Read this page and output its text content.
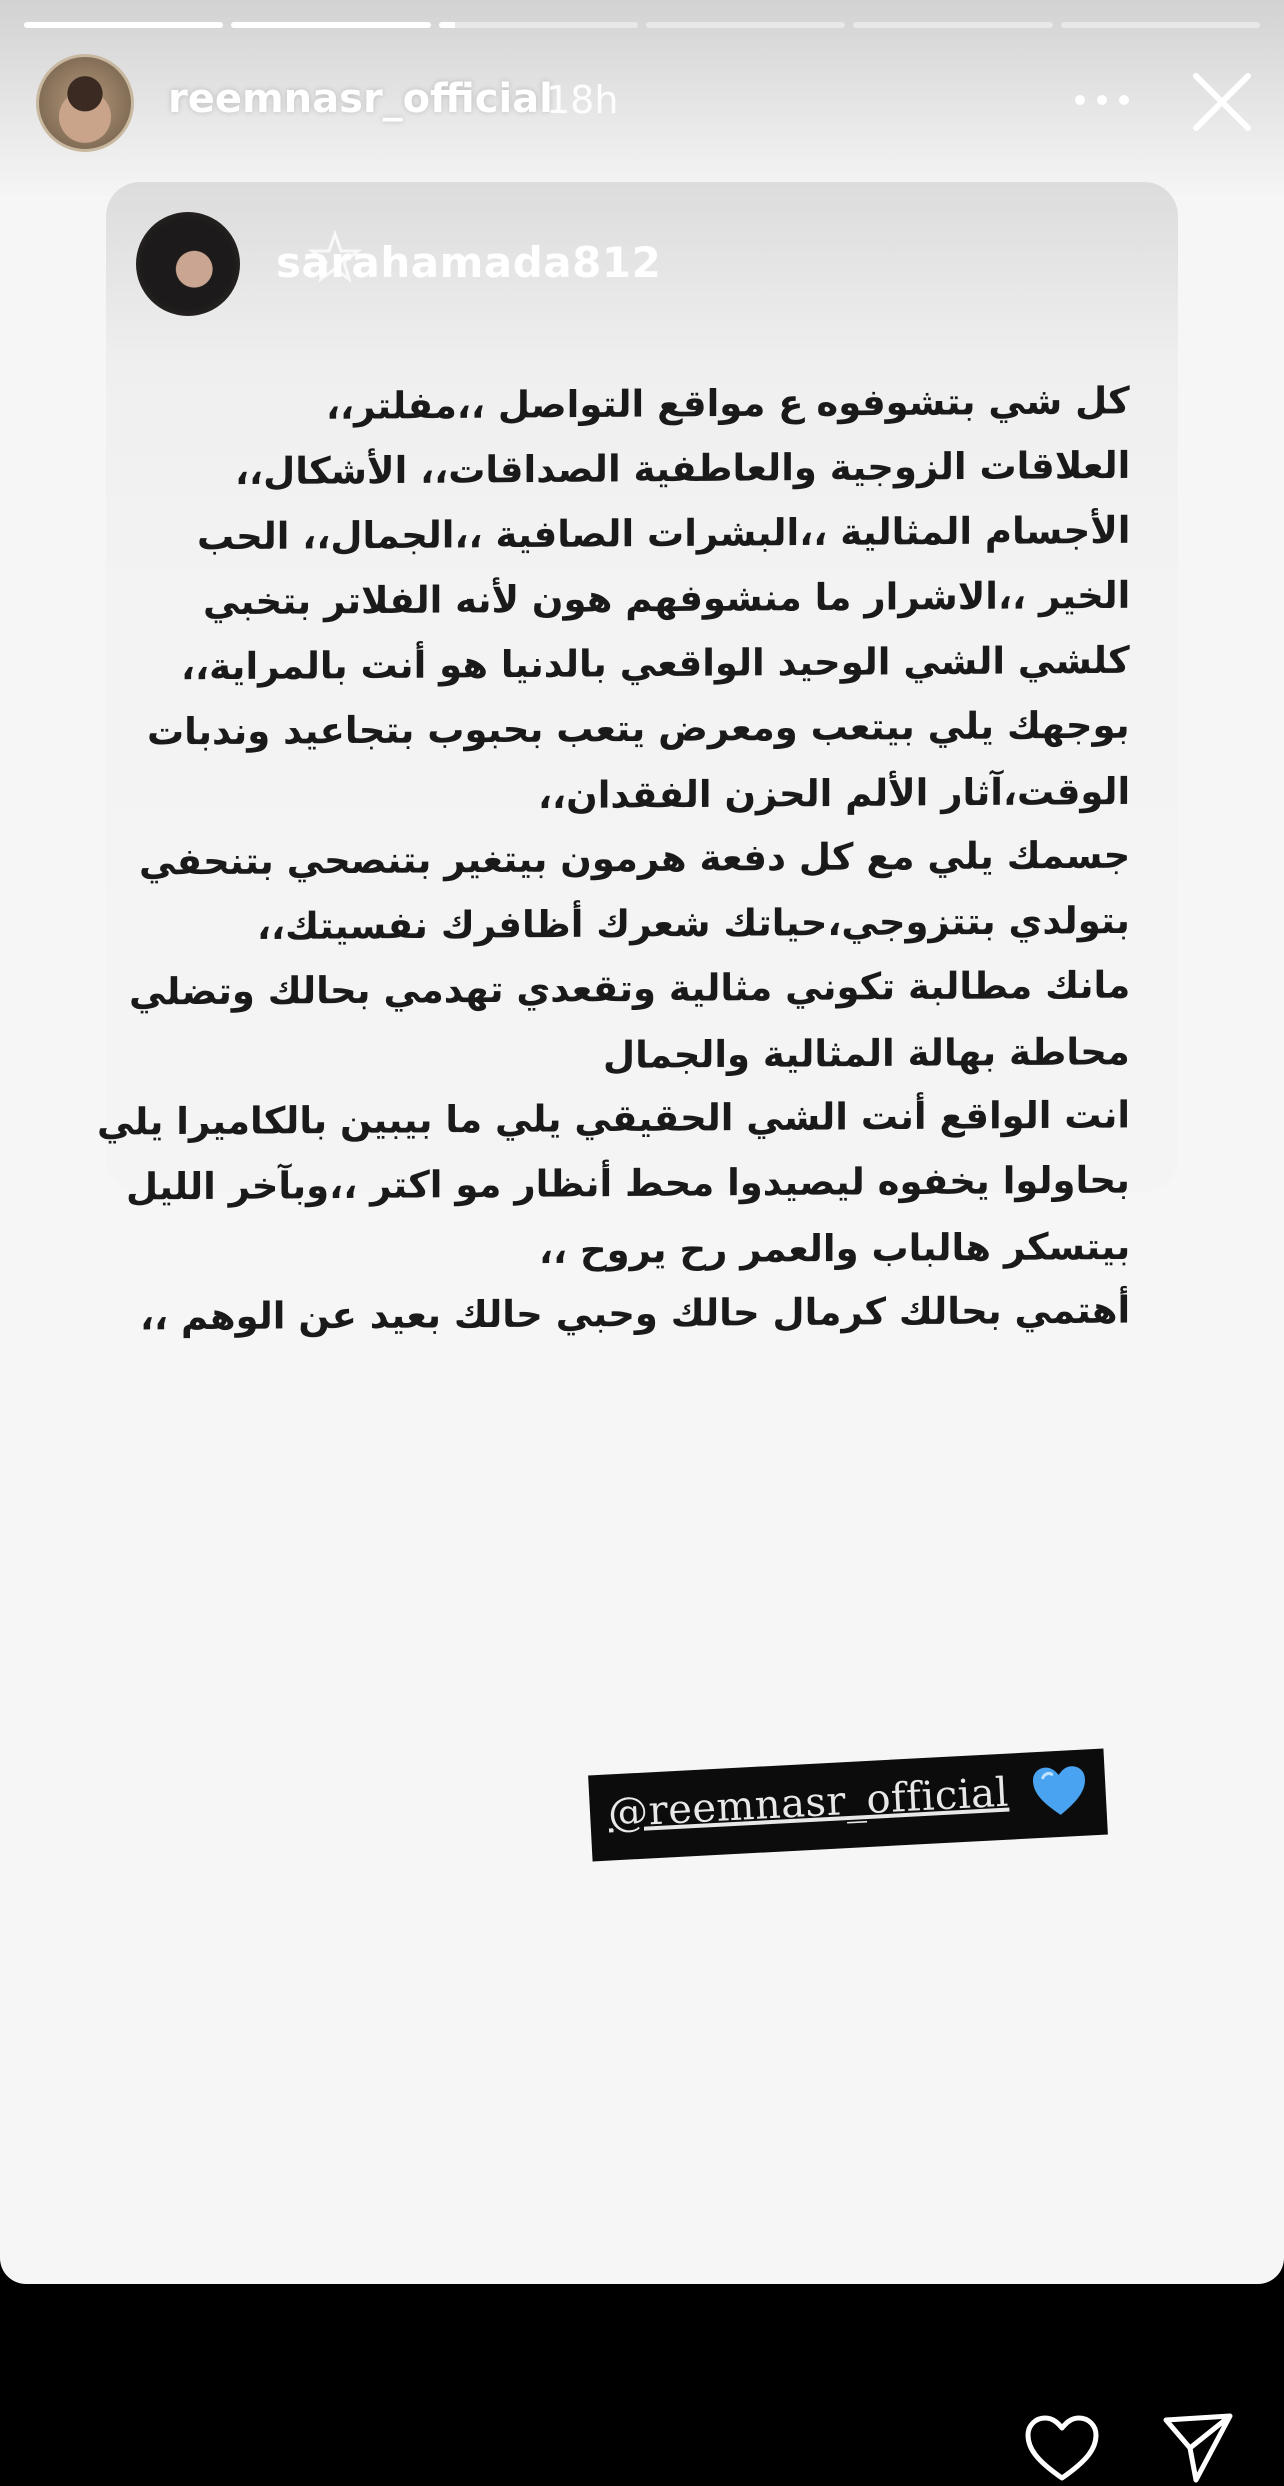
reemnasr_official
18h
sarahamada812
كل شي بتشوفوه ع مواقع التواصل ،،مفلتر،،
العلاقات الزوجية والعاطفية الصداقات،، الأشكال،،
الأجسام المثالية ،،البشرات الصافية ،،الجمال،، الحب
الخير ،،الاشرار ما منشوفهم هون لأنه الفلاتر بتخبي
كلشي الشي الوحيد الواقعي بالدنيا هو أنت بالمراية،،
بوجهك يلي بيتعب ومعرض يتعب بحبوب بتجاعيد وندبات
الوقت،آثار الألم الحزن الفقدان،،
جسمك يلي مع كل دفعة هرمون بيتغير بتنصحي بتنحفي
بتولدي بتتزوجي،حياتك شعرك أظافرك نفسيتك،،
مانك مطالبة تكوني مثالية وتقعدي تهدمي بحالك وتضلي
محاطة بهالة المثالية والجمال
انت الواقع أنت الشي الحقيقي يلي ما بيبين بالكاميرا يلي
بحاولوا يخفوه ليصيدوا محط أنظار مو اكتر ،،وبآخر الليل
بيتسكر هالباب والعمر رح يروح ،،
أهتمي بحالك كرمال حالك وحبي حالك بعيد عن الوهم ،،
@reemnasr_official
